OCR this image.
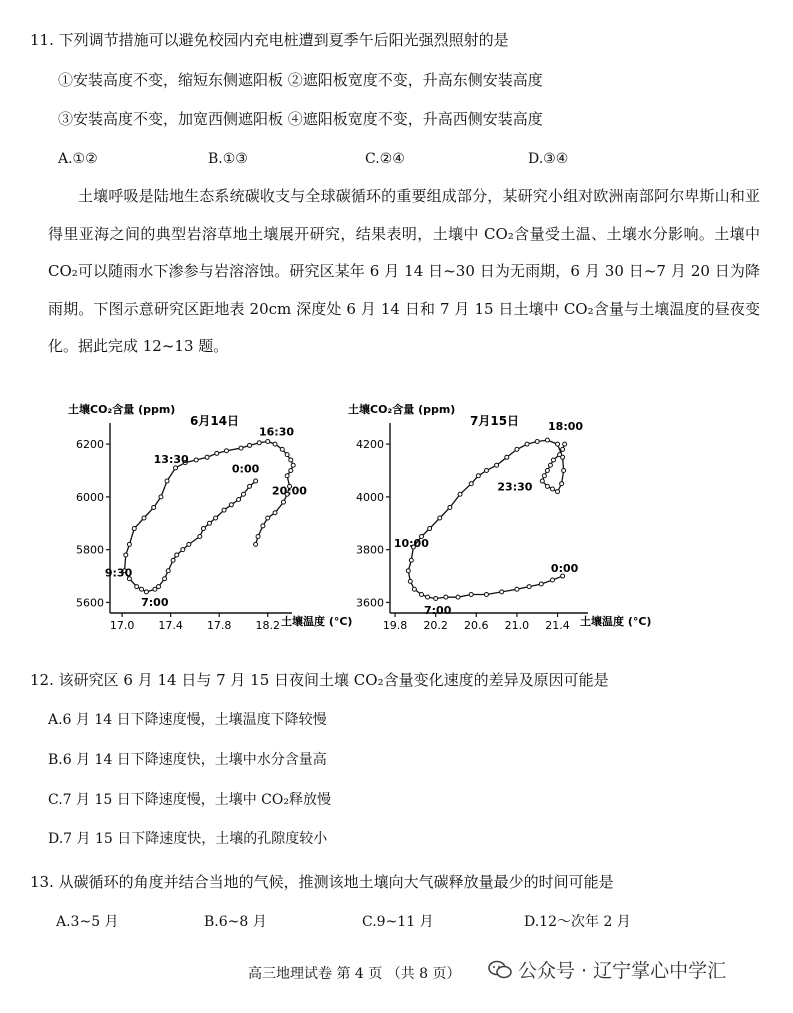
11. 下列调节措施可以避免校园内充电桩遭到夏季午后阳光强烈照射的是
①安装高度不变，缩短东侧遮阳板 ②遮阳板宽度不变，升高东侧安装高度
③安装高度不变，加宽西侧遮阳板 ④遮阳板宽度不变，升高西侧安装高度
A.①②	B.①③	C.②④	D.③④
土壤呼吸是陆地生态系统碳收支与全球碳循环的重要组成部分，某研究小组对欧洲南部阿尔卑斯山和亚得里亚海之间的典型岩溶草地土壤展开研究，结果表明，土壤中 CO₂含量受土温、土壤水分影响。土壤中 CO₂可以随雨水下渗参与岩溶溶蚀。研究区某年 6 月 14 日~30 日为无雨期，6 月 30 日~7 月 20 日为降雨期。下图示意研究区距地表 20cm 深度处 6 月 14 日和 7 月 15 日土壤中 CO₂含量与土壤温度的昼夜变化。据此完成 12~13 题。
土壤CO₂含量 (ppm)
6月14日
土壤温度 (°C)
5600
5800
6000
6200
17.0 17.4 17.8 18.2
16:30
13:30
0:00
20:00
9:30
7:00
土壤CO₂含量 (ppm)
7月15日
土壤温度 (°C)
3600
3800
4000
4200
19.8 20.2 20.6 21.0 21.4
18:00
23:30
10:00
0:00
7:00
12. 该研究区 6 月 14 日与 7 月 15 日夜间土壤 CO₂含量变化速度的差异及原因可能是
A.6 月 14 日下降速度慢，土壤温度下降较慢
B.6 月 14 日下降速度快，土壤中水分含量高
C.7 月 15 日下降速度慢，土壤中 CO₂释放慢
D.7 月 15 日下降速度快，土壤的孔隙度较小
13. 从碳循环的角度并结合当地的气候，推测该地土壤向大气碳释放量最少的时间可能是
A.3~5 月	B.6~8 月	C.9~11 月	D.12～次年 2 月
高三地理试卷 第 4 页 （共 8 页）	公众号 · 辽宁掌心中学汇
